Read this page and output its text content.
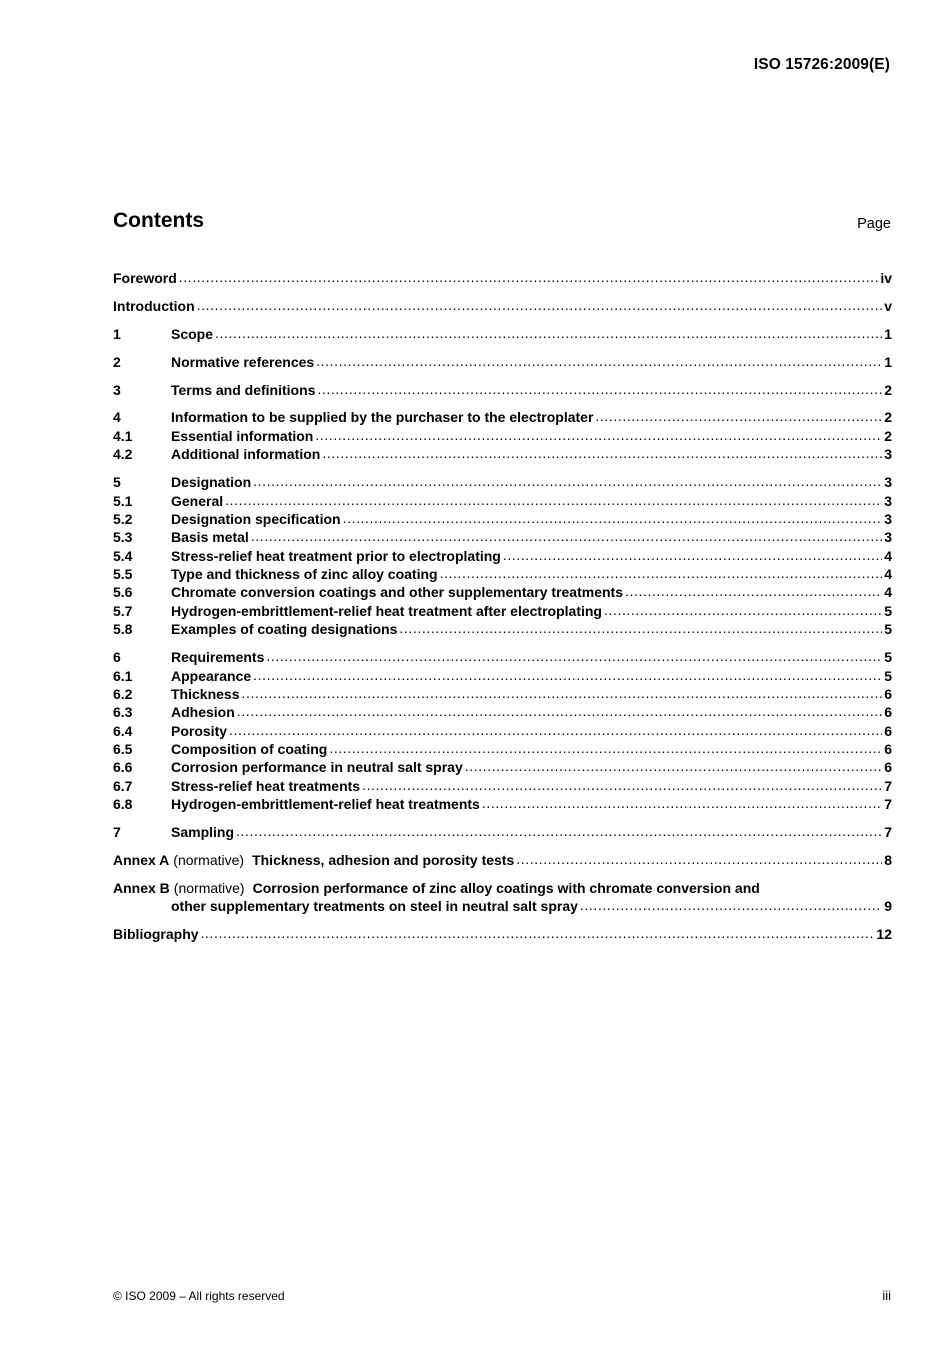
ISO 15726:2009(E)
Contents	Page
Foreword .....	iv
Introduction .....	v
1	Scope .....	1
2	Normative references .....	1
3	Terms and definitions .....	2
4	Information to be supplied by the purchaser to the electroplater .....	2
4.1	Essential information .....	2
4.2	Additional information .....	3
5	Designation .....	3
5.1	General .....	3
5.2	Designation specification .....	3
5.3	Basis metal .....	3
5.4	Stress-relief heat treatment prior to electroplating .....	4
5.5	Type and thickness of zinc alloy coating .....	4
5.6	Chromate conversion coatings and other supplementary treatments .....	4
5.7	Hydrogen-embrittlement-relief heat treatment after electroplating .....	5
5.8	Examples of coating designations .....	5
6	Requirements .....	5
6.1	Appearance .....	5
6.2	Thickness .....	6
6.3	Adhesion .....	6
6.4	Porosity .....	6
6.5	Composition of coating .....	6
6.6	Corrosion performance in neutral salt spray .....	6
6.7	Stress-relief heat treatments .....	7
6.8	Hydrogen-embrittlement-relief heat treatments .....	7
7	Sampling .....	7
Annex A (normative) Thickness, adhesion and porosity tests .....	8
Annex B (normative) Corrosion performance of zinc alloy coatings with chromate conversion and
other supplementary treatments on steel in neutral salt spray .....	9
Bibliography .....	12
© ISO 2009 – All rights reserved	iii
